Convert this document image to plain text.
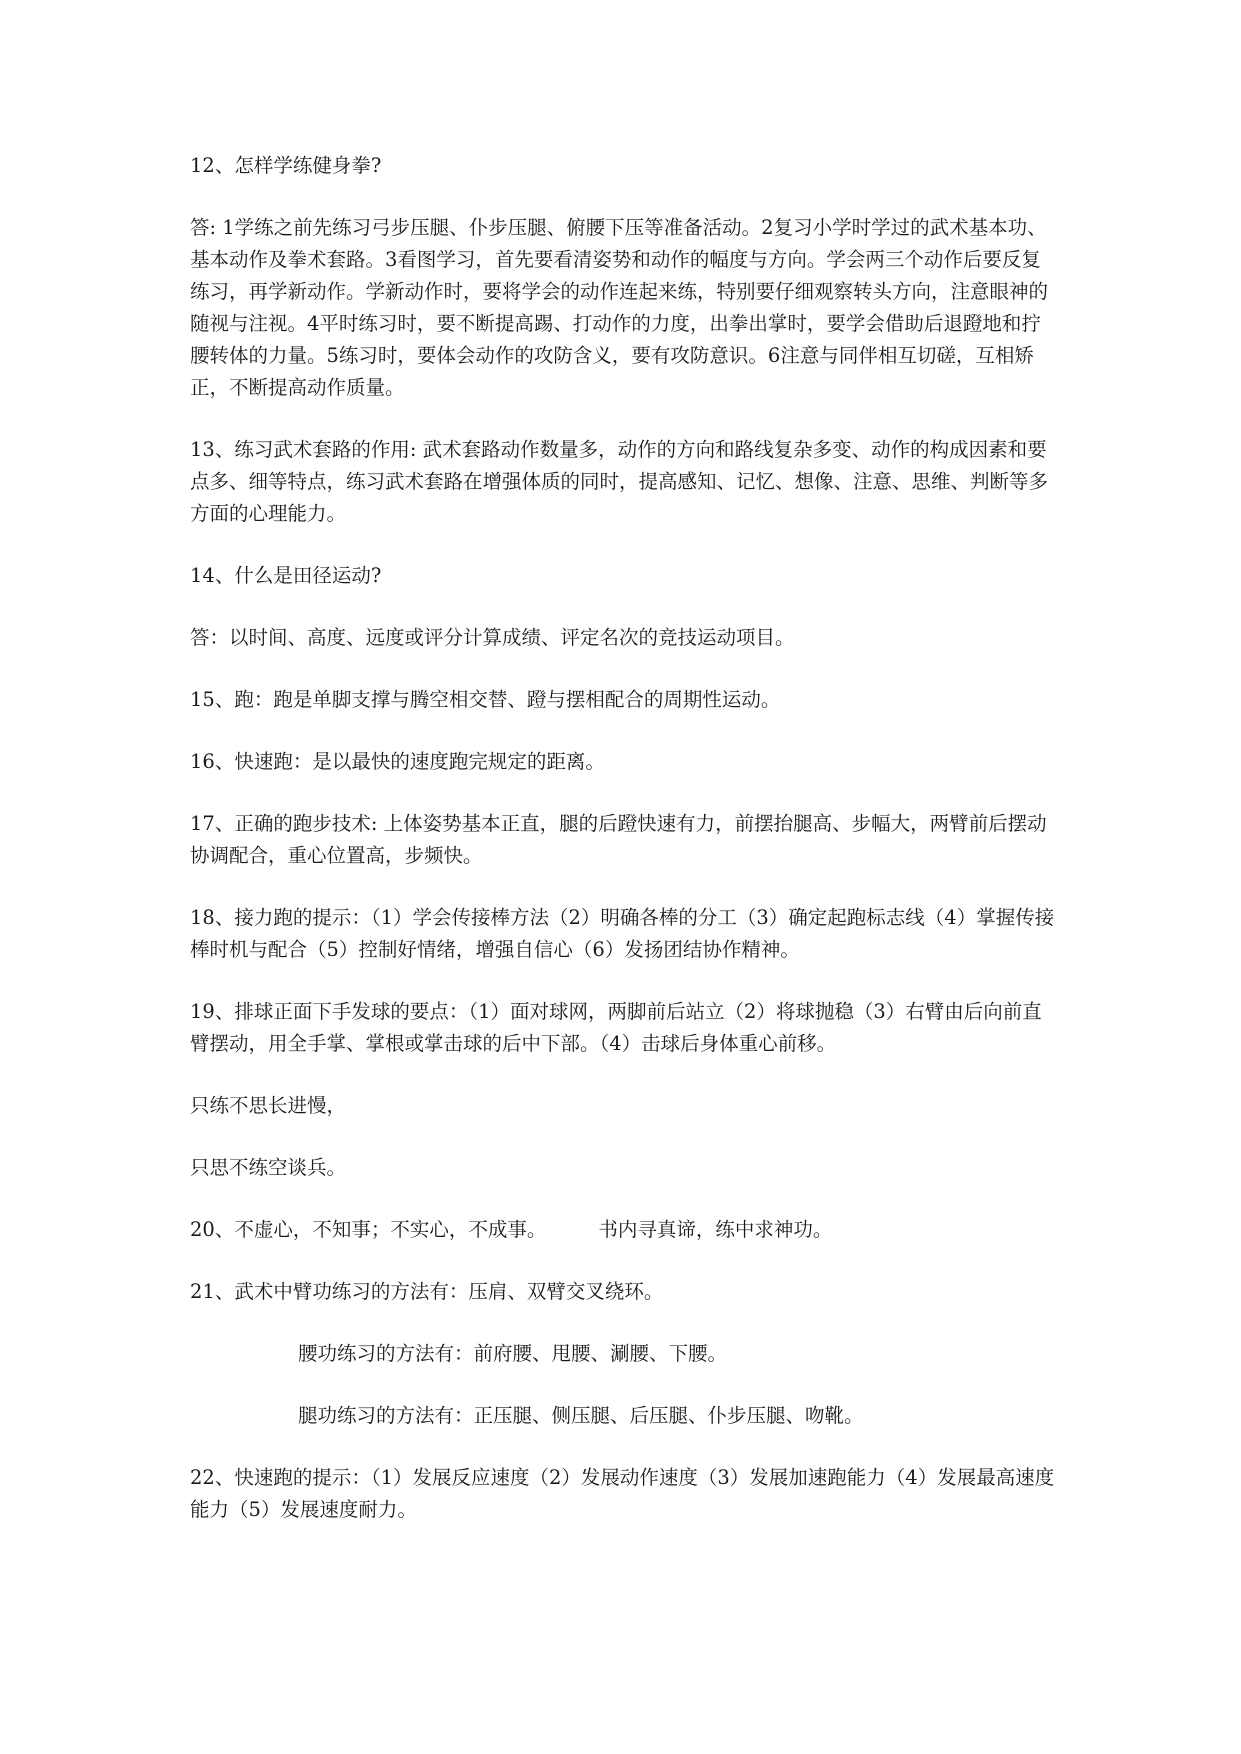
12、怎样学练健身拳?

答: 1学练之前先练习弓步压腿、仆步压腿、俯腰下压等准备活动。2复习小学时学过的武术基本功、基本动作及拳术套路。3看图学习，首先要看清姿势和动作的幅度与方向。学会两三个动作后要反复练习，再学新动作。学新动作时，要将学会的动作连起来练，特别要仔细观察转头方向，注意眼神的随视与注视。4平时练习时，要不断提高踢、打动作的力度，出拳出掌时，要学会借助后退蹬地和拧腰转体的力量。5练习时，要体会动作的攻防含义，要有攻防意识。6注意与同伴相互切磋，互相矫正，不断提高动作质量。

13、练习武术套路的作用: 武术套路动作数量多，动作的方向和路线复杂多变、动作的构成因素和要点多、细等特点，练习武术套路在增强体质的同时，提高感知、记忆、想像、注意、思维、判断等多方面的心理能力。

14、什么是田径运动?

答：以时间、高度、远度或评分计算成绩、评定名次的竞技运动项目。

15、跑：跑是单脚支撑与腾空相交替、蹬与摆相配合的周期性运动。

16、快速跑：是以最快的速度跑完规定的距离。

17、正确的跑步技术: 上体姿势基本正直，腿的后蹬快速有力，前摆抬腿高、步幅大，两臂前后摆动协调配合，重心位置高，步频快。

18、接力跑的提示：（1）学会传接棒方法（2）明确各棒的分工（3）确定起跑标志线（4）掌握传接棒时机与配合（5）控制好情绪，增强自信心（6）发扬团结协作精神。

19、排球正面下手发球的要点：（1）面对球网，两脚前后站立（2）将球抛稳（3）右臂由后向前直臂摆动，用全手掌、掌根或掌击球的后中下部。（4）击球后身体重心前移。

只练不思长进慢，

只思不练空谈兵。

20、不虚心，不知事；不实心，不成事。	书内寻真谛，练中求神功。

21、武术中臂功练习的方法有：压肩、双臂交叉绕环。

腰功练习的方法有：前府腰、甩腰、涮腰、下腰。

腿功练习的方法有：正压腿、侧压腿、后压腿、仆步压腿、吻靴。

22、快速跑的提示：（1）发展反应速度（2）发展动作速度（3）发展加速跑能力（4）发展最高速度能力（5）发展速度耐力。
